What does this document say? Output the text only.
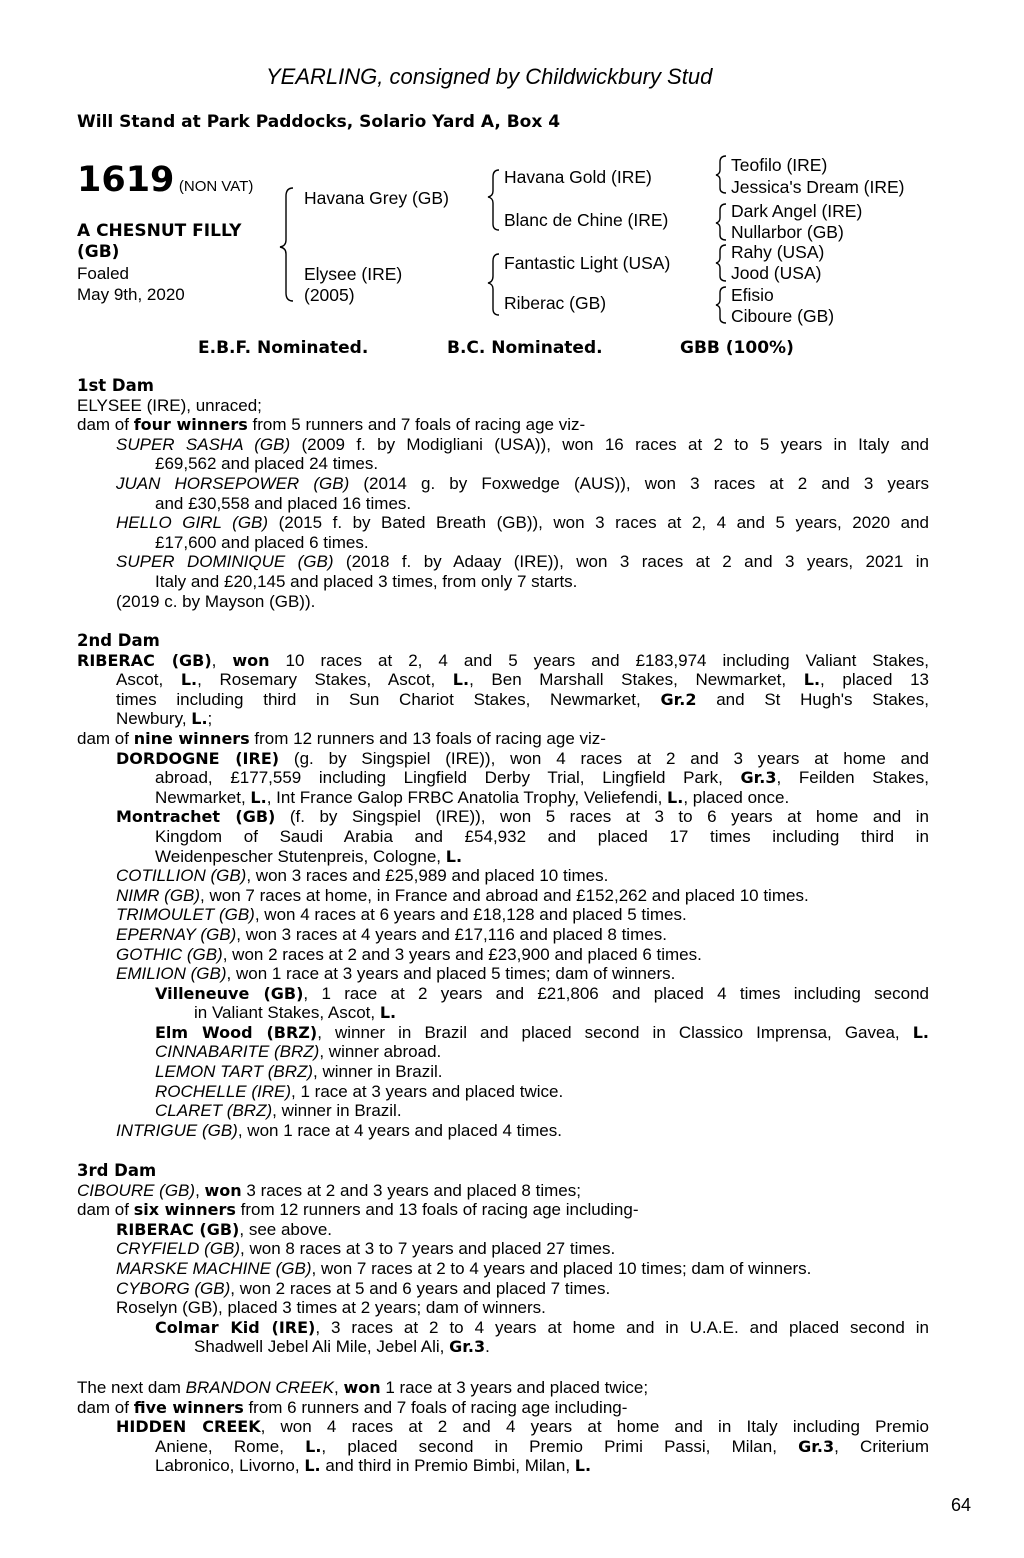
YEARLING, consigned by Childwickbury Stud
Will Stand at Park Paddocks, Solario Yard A, Box 4
1619 (NON VAT)
A CHESNUT FILLY
(GB)
Foaled
May 9th, 2020
Havana Grey (GB)
Elysee (IRE)
(2005)
Havana Gold (IRE)
Blanc de Chine (IRE)
Fantastic Light (USA)
Riberac (GB)
Teofilo (IRE)
Jessica's Dream (IRE)
Dark Angel (IRE)
Nullarbor (GB)
Rahy (USA)
Jood (USA)
Efisio
Ciboure (GB)
E.B.F. Nominated.	B.C. Nominated.	GBB (100%)
1st Dam
ELYSEE (IRE), unraced;
dam of four winners from 5 runners and 7 foals of racing age viz-
SUPER SASHA (GB) (2009 f. by Modigliani (USA)), won 16 races at 2 to 5 years in Italy and
£69,562 and placed 24 times.
JUAN HORSEPOWER (GB) (2014 g. by Foxwedge (AUS)), won 3 races at 2 and 3 years
and £30,558 and placed 16 times.
HELLO GIRL (GB) (2015 f. by Bated Breath (GB)), won 3 races at 2, 4 and 5 years, 2020 and
£17,600 and placed 6 times.
SUPER DOMINIQUE (GB) (2018 f. by Adaay (IRE)), won 3 races at 2 and 3 years, 2021 in
Italy and £20,145 and placed 3 times, from only 7 starts.
(2019 c. by Mayson (GB)).
2nd Dam
RIBERAC (GB), won 10 races at 2, 4 and 5 years and £183,974 including Valiant Stakes,
Ascot, L., Rosemary Stakes, Ascot, L., Ben Marshall Stakes, Newmarket, L., placed 13
times including third in Sun Chariot Stakes, Newmarket, Gr.2 and St Hugh's Stakes,
Newbury, L.;
dam of nine winners from 12 runners and 13 foals of racing age viz-
DORDOGNE (IRE) (g. by Singspiel (IRE)), won 4 races at 2 and 3 years at home and
abroad, £177,559 including Lingfield Derby Trial, Lingfield Park, Gr.3, Feilden Stakes,
Newmarket, L., Int France Galop FRBC Anatolia Trophy, Veliefendi, L., placed once.
Montrachet (GB) (f. by Singspiel (IRE)), won 5 races at 3 to 6 years at home and in
Kingdom of Saudi Arabia and £54,932 and placed 17 times including third in
Weidenpescher Stutenpreis, Cologne, L.
COTILLION (GB), won 3 races and £25,989 and placed 10 times.
NIMR (GB), won 7 races at home, in France and abroad and £152,262 and placed 10 times.
TRIMOULET (GB), won 4 races at 6 years and £18,128 and placed 5 times.
EPERNAY (GB), won 3 races at 4 years and £17,116 and placed 8 times.
GOTHIC (GB), won 2 races at 2 and 3 years and £23,900 and placed 6 times.
EMILION (GB), won 1 race at 3 years and placed 5 times; dam of winners.
Villeneuve (GB), 1 race at 2 years and £21,806 and placed 4 times including second
in Valiant Stakes, Ascot, L.
Elm Wood (BRZ), winner in Brazil and placed second in Classico Imprensa, Gavea, L.
CINNABARITE (BRZ), winner abroad.
LEMON TART (BRZ), winner in Brazil.
ROCHELLE (IRE), 1 race at 3 years and placed twice.
CLARET (BRZ), winner in Brazil.
INTRIGUE (GB), won 1 race at 4 years and placed 4 times.
3rd Dam
CIBOURE (GB), won 3 races at 2 and 3 years and placed 8 times;
dam of six winners from 12 runners and 13 foals of racing age including-
RIBERAC (GB), see above.
CRYFIELD (GB), won 8 races at 3 to 7 years and placed 27 times.
MARSKE MACHINE (GB), won 7 races at 2 to 4 years and placed 10 times; dam of winners.
CYBORG (GB), won 2 races at 5 and 6 years and placed 7 times.
Roselyn (GB), placed 3 times at 2 years; dam of winners.
Colmar Kid (IRE), 3 races at 2 to 4 years at home and in U.A.E. and placed second in
Shadwell Jebel Ali Mile, Jebel Ali, Gr.3.
The next dam BRANDON CREEK, won 1 race at 3 years and placed twice;
dam of five winners from 6 runners and 7 foals of racing age including-
HIDDEN CREEK, won 4 races at 2 and 4 years at home and in Italy including Premio
Aniene, Rome, L., placed second in Premio Primi Passi, Milan, Gr.3, Criterium
Labronico, Livorno, L. and third in Premio Bimbi, Milan, L.
64
